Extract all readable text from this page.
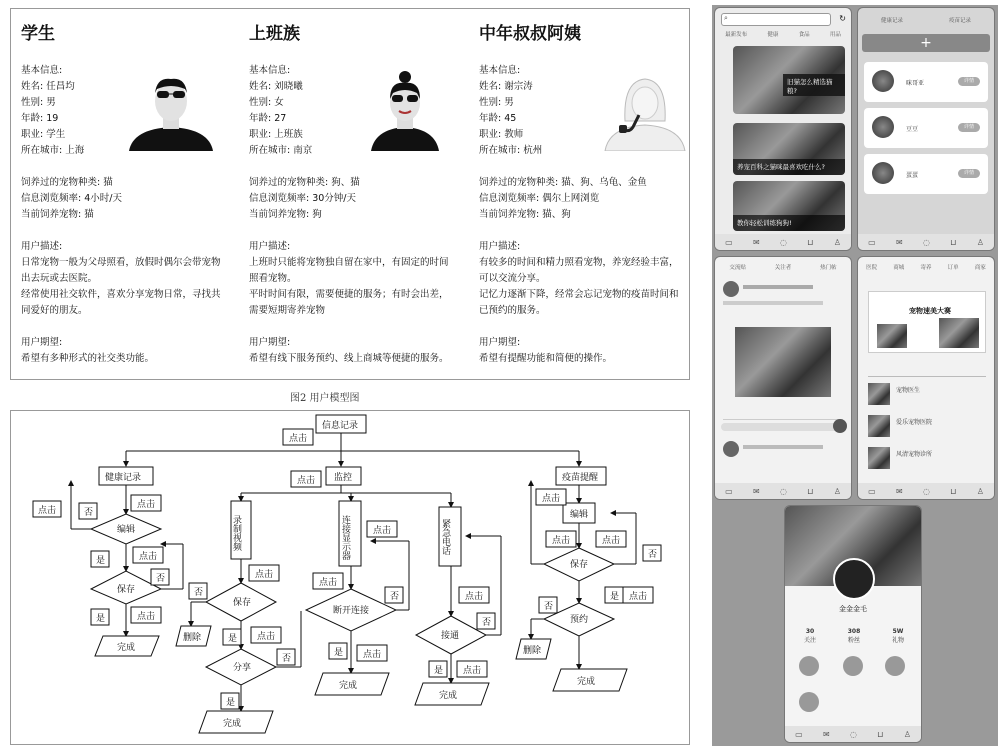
学生
基本信息:
姓名: 任昌均
性别: 男
年龄: 19
职业: 学生
所在城市: 上海
饲养过的宠物种类: 猫
信息浏览频率: 4小时/天
当前饲养宠物: 猫
用户描述:
日常宠物一般为父母照看，放假时偶尔会带宠物出去玩或去医院。
经常使用社交软件，喜欢分享宠物日常，寻找共同爱好的朋友。
用户期望:
希望有多种形式的社交类功能。
上班族
基本信息:
姓名: 刘晓曦
性别: 女
年龄: 27
职业: 上班族
所在城市: 南京
饲养过的宠物种类: 狗、猫
信息浏览频率: 30分钟/天
当前饲养宠物: 狗
用户描述:
上班时只能将宠物独自留在家中，有固定的时间照看宠物。
平时时间有限，需要便捷的服务；有时会出差，需要短期寄养宠物
用户期望:
希望有线下服务预约、线上商城等便捷的服务。
中年叔叔阿姨
基本信息:
姓名: 谢宗涛
性别: 男
年龄: 45
职业: 教师
所在城市: 杭州
饲养过的宠物种类: 猫、狗、乌龟、金鱼
信息浏览频率: 偶尔上网浏览
当前饲养宠物: 猫、狗
用户描述:
有较多的时间和精力照看宠物，养宠经验丰富，可以交流分享。
记忆力逐渐下降，经常会忘记宠物的疫苗时间和已预约的服务。
用户期望:
希望有提醒功能和简便的操作。
图2 用户模型图
信息记录
健康记录	监控	疫苗提醒
编辑
保存
完成
删除
保存
分享
完成
断开连接
完成
接通
完成
编辑
保存
预约
删除
完成
录制视频	连接显示器	紧急电话
点击
点击
点击	否
点击
点击
是
否
是	点击
否
点击
是 点击
否
是
点击
点击
否
是 点击
点击
否
是 点击
点击
点击	点击
否
否
是 点击
⌕	↻
最新发布	健康	食品	用品
旧猫怎么精选猫粮?
养宠百科之猫咪最喜欢吃什么?
教你轻松训练狗狗!
▭	✉	◌	⊔	♙
健康记录	疫苗记录
+
咪哥亚	详情
豆豆	详情
蛋蛋	详情
▭	✉	◌	⊔	♙
交流贴	关注者	热门帖
▭	✉	◌	⊔	♙
医院	商城	寄养	订单	商家
宠物速美大赛
宠物医生
爱乐宠物医院
风清宠物诊所
▭	✉	◌	⊔	♙
金金金毛
30
关注
308
粉丝
5W
礼物
▭	✉	◌	⊔	♙
